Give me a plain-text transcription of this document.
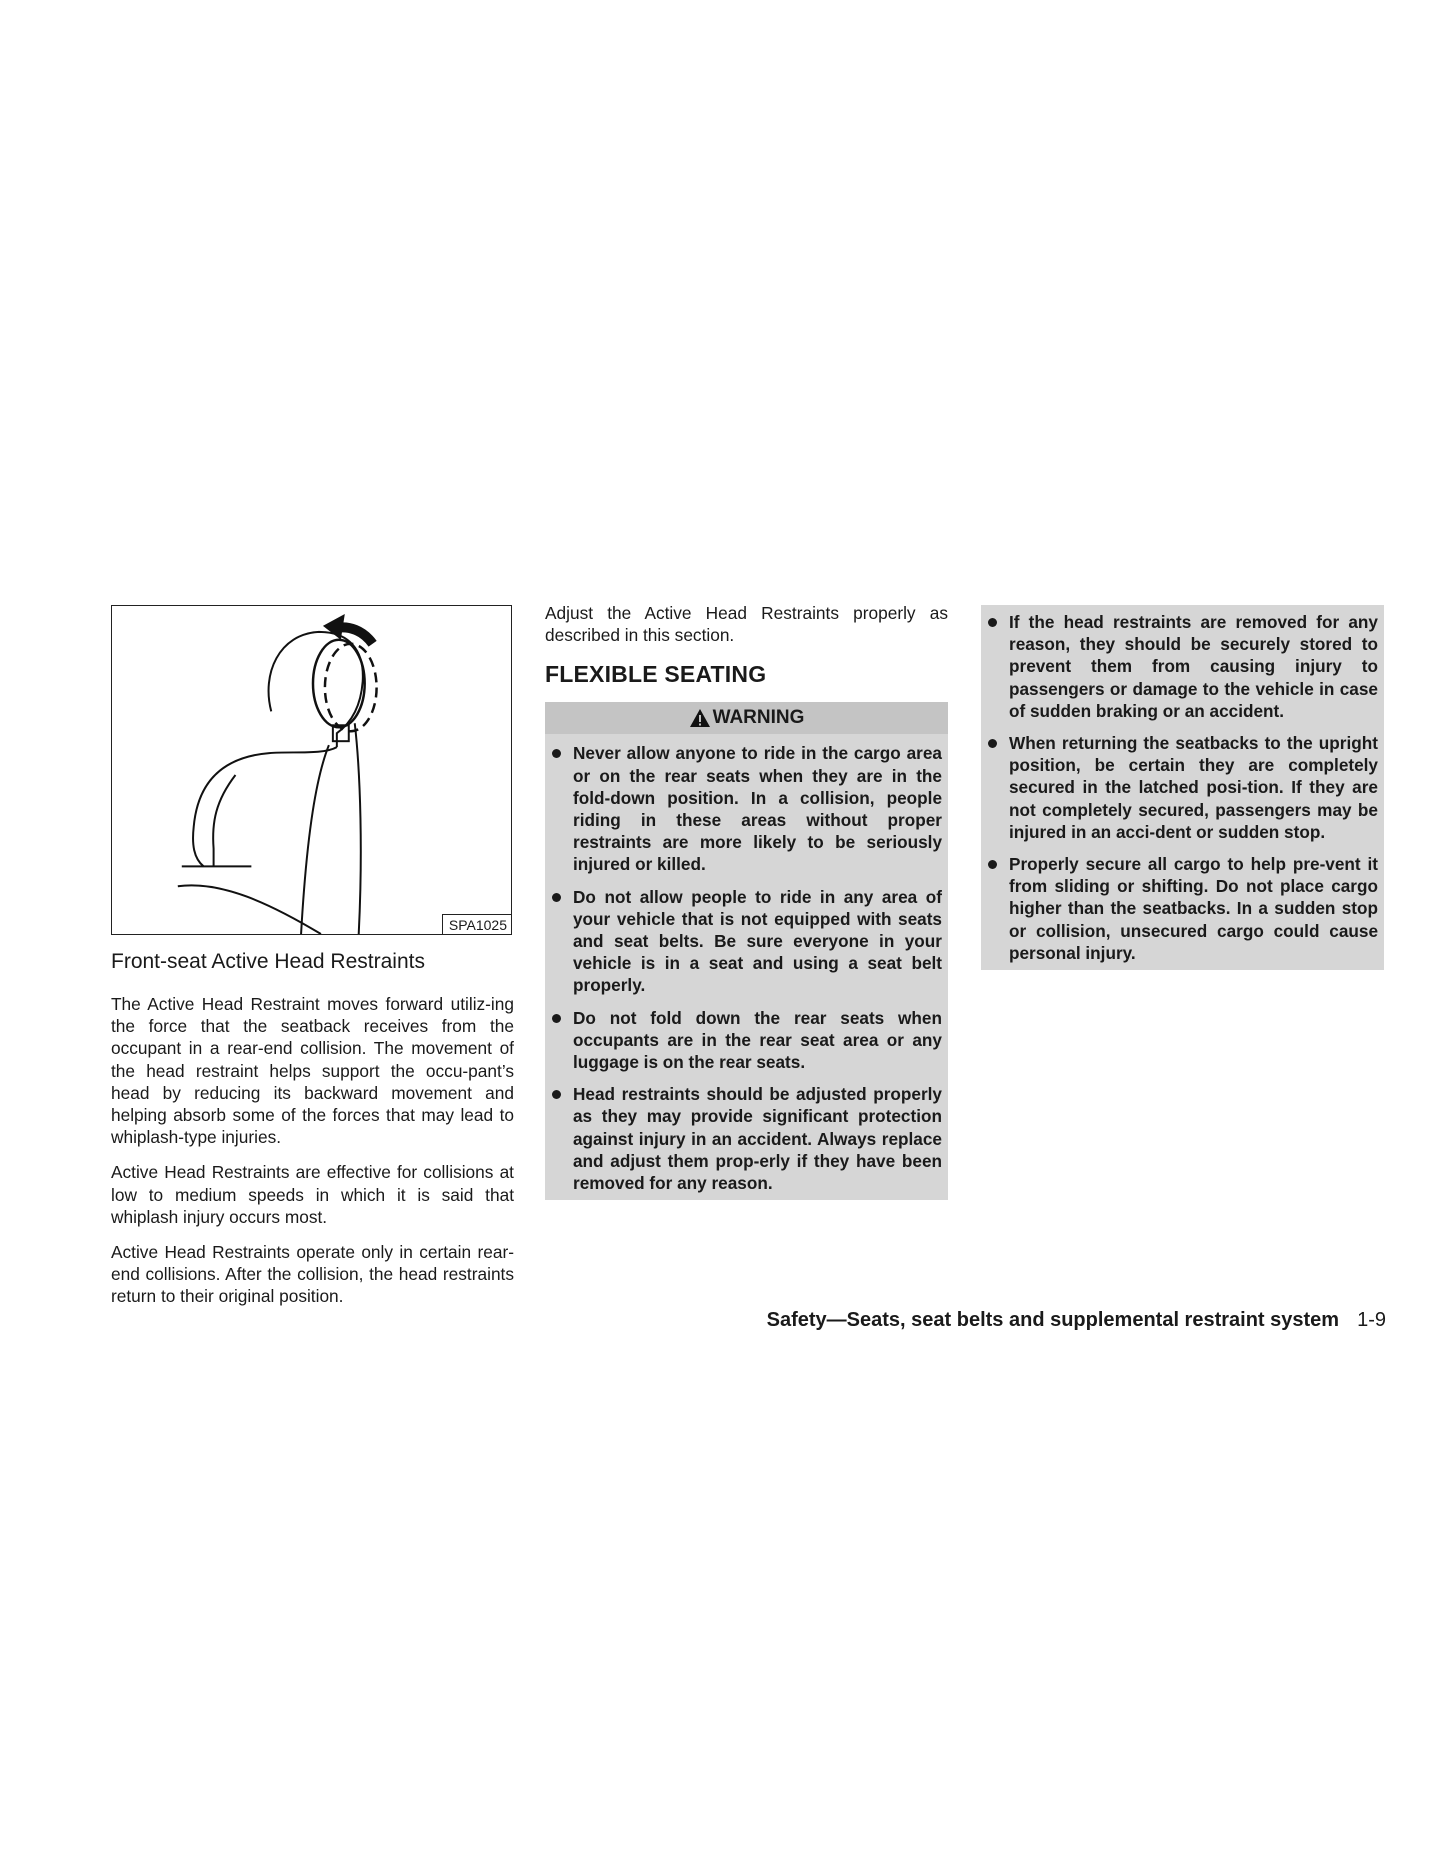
SPA1025
Front-seat Active Head Restraints

The Active Head Restraint moves forward utiliz-ing the force that the seatback receives from the occupant in a rear-end collision. The movement of the head restraint helps support the occu-pant’s head by reducing its backward movement and helping absorb some of the forces that may lead to whiplash-type injuries.

Active Head Restraints are effective for collisions at low to medium speeds in which it is said that whiplash injury occurs most.

Active Head Restraints operate only in certain rear-end collisions. After the collision, the head restraints return to their original position.

Adjust the Active Head Restraints properly as described in this section.

FLEXIBLE SEATING
WARNING
Never allow anyone to ride in the cargo area or on the rear seats when they are in the fold-down position. In a collision, people riding in these areas without proper restraints are more likely to be seriously injured or killed.
Do not allow people to ride in any area of your vehicle that is not equipped with seats and seat belts. Be sure everyone in your vehicle is in a seat and using a seat belt properly.
Do not fold down the rear seats when occupants are in the rear seat area or any luggage is on the rear seats.
Head restraints should be adjusted properly as they may provide significant protection against injury in an accident. Always replace and adjust them prop-erly if they have been removed for any reason.
If the head restraints are removed for any reason, they should be securely stored to prevent them from causing injury to passengers or damage to the vehicle in case of sudden braking or an accident.
When returning the seatbacks to the upright position, be certain they are completely secured in the latched posi-tion. If they are not completely secured, passengers may be injured in an acci-dent or sudden stop.
Properly secure all cargo to help pre-vent it from sliding or shifting. Do not place cargo higher than the seatbacks. In a sudden stop or collision, unsecured cargo could cause personal injury.
Safety—Seats, seat belts and supplemental restraint system 1-9
